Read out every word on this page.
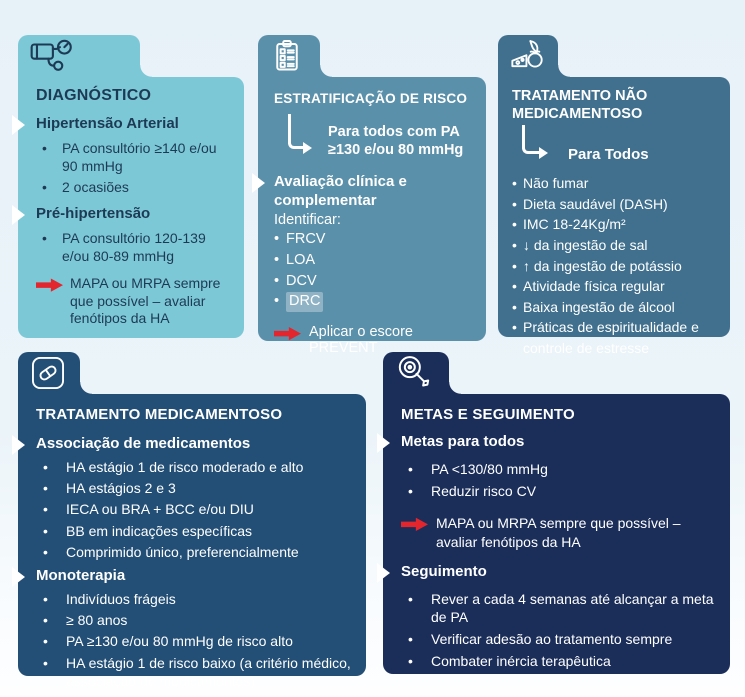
DIAGNÓSTICO
Hipertensão Arterial
• PA consultório ≥140 e/ou 90 mmHg
• 2 ocasiões
Pré-hipertensão
• PA consultório 120-139 e/ou 80-89 mmHg
MAPA ou MRPA sempre que possível – avaliar fenótipos da HA
ESTRATIFICAÇÃO DE RISCO
Para todos com PA ≥130 e/ou 80 mmHg
Avaliação clínica e complementar
Identificar:
• FRCV
• LOA
• DCV
• DRC
Aplicar o escore PREVENT
TRATAMENTO NÃO MEDICAMENTOSO
Para Todos
• Não fumar
• Dieta saudável (DASH)
• IMC 18-24Kg/m²
• ↓ da ingestão de sal
• ↑ da ingestão de potássio
• Atividade física regular
• Baixa ingestão de álcool
• Práticas de espiritualidade e controle de estresse
TRATAMENTO MEDICAMENTOSO
Associação de medicamentos
• HA estágio 1 de risco moderado e alto
• HA estágios 2 e 3
• IECA ou BRA + BCC e/ou DIU
• BB em indicações específicas
• Comprimido único, preferencialmente
Monoterapia
• Indivíduos frágeis
• ≥ 80 anos
• PA ≥130 e/ou 80 mmHg de risco alto
• HA estágio 1 de risco baixo (a critério médico, associação de medicamentos)
METAS E SEGUIMENTO
Metas para todos
• PA <130/80 mmHg
• Reduzir risco CV
MAPA ou MRPA sempre que possível – avaliar fenótipos da HA
Seguimento
• Rever a cada 4 semanas até alcançar a meta de PA
• Verificar adesão ao tratamento sempre
• Combater inércia terapêutica
